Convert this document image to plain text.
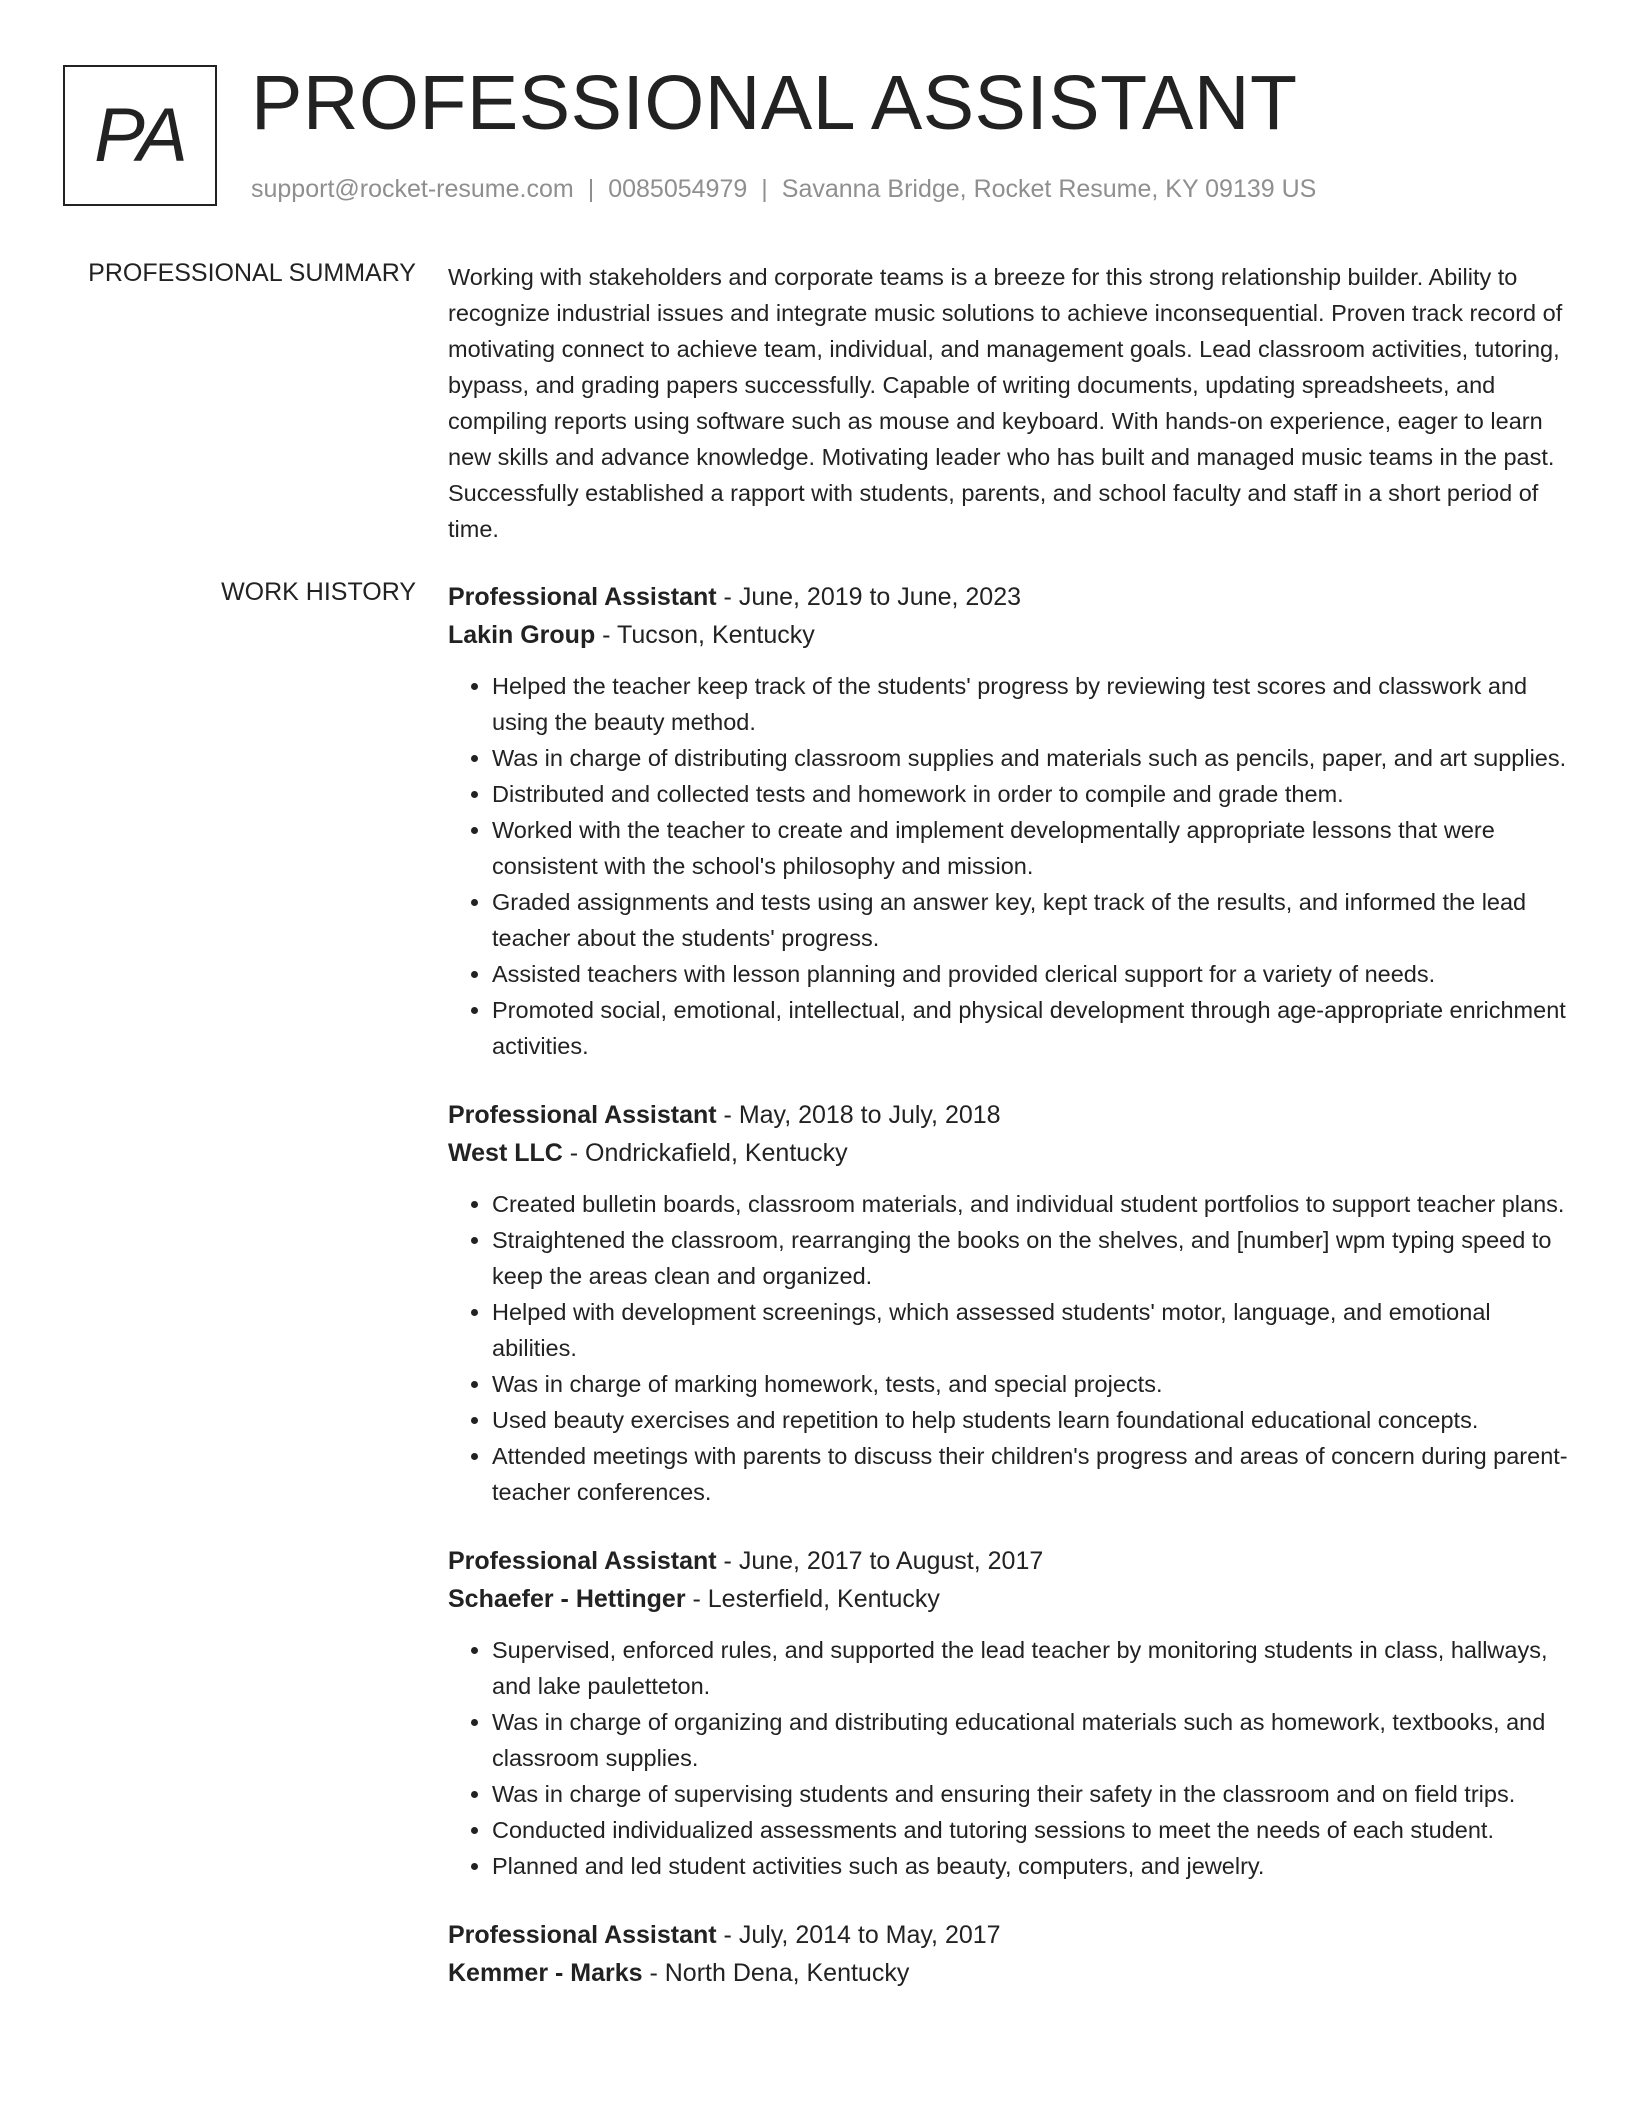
PA PROFESSIONAL ASSISTANT
support@rocket-resume.com | 0085054979 | Savanna Bridge, Rocket Resume, KY 09139 US
PROFESSIONAL SUMMARY Working with stakeholders and corporate teams is a breeze for this strong relationship builder. Ability to recognize industrial issues and integrate music solutions to achieve inconsequential. Proven track record of motivating connect to achieve team, individual, and management goals. Lead classroom activities, tutoring, bypass, and grading papers successfully. Capable of writing documents, updating spreadsheets, and compiling reports using software such as mouse and keyboard. With hands-on experience, eager to learn new skills and advance knowledge. Motivating leader who has built and managed music teams in the past. Successfully established a rapport with students, parents, and school faculty and staff in a short period of time.

WORK HISTORY Professional Assistant - June, 2019 to June, 2023
Lakin Group - Tucson, Kentucky
• Helped the teacher keep track of the students' progress by reviewing test scores and classwork and using the beauty method.
• Was in charge of distributing classroom supplies and materials such as pencils, paper, and art supplies.
• Distributed and collected tests and homework in order to compile and grade them.
• Worked with the teacher to create and implement developmentally appropriate lessons that were consistent with the school's philosophy and mission.
• Graded assignments and tests using an answer key, kept track of the results, and informed the lead teacher about the students' progress.
• Assisted teachers with lesson planning and provided clerical support for a variety of needs.
• Promoted social, emotional, intellectual, and physical development through age-appropriate enrichment activities.
Professional Assistant - May, 2018 to July, 2018
West LLC - Ondrickafield, Kentucky
• Created bulletin boards, classroom materials, and individual student portfolios to support teacher plans.
• Straightened the classroom, rearranging the books on the shelves, and [number] wpm typing speed to keep the areas clean and organized.
• Helped with development screenings, which assessed students' motor, language, and emotional abilities.
• Was in charge of marking homework, tests, and special projects.
• Used beauty exercises and repetition to help students learn foundational educational concepts.
• Attended meetings with parents to discuss their children's progress and areas of concern during parent-teacher conferences.
Professional Assistant - June, 2017 to August, 2017
Schaefer - Hettinger - Lesterfield, Kentucky
• Supervised, enforced rules, and supported the lead teacher by monitoring students in class, hallways, and lake pauletteton.
• Was in charge of organizing and distributing educational materials such as homework, textbooks, and classroom supplies.
• Was in charge of supervising students and ensuring their safety in the classroom and on field trips.
• Conducted individualized assessments and tutoring sessions to meet the needs of each student.
• Planned and led student activities such as beauty, computers, and jewelry.
Professional Assistant - July, 2014 to May, 2017
Kemmer - Marks - North Dena, Kentucky
